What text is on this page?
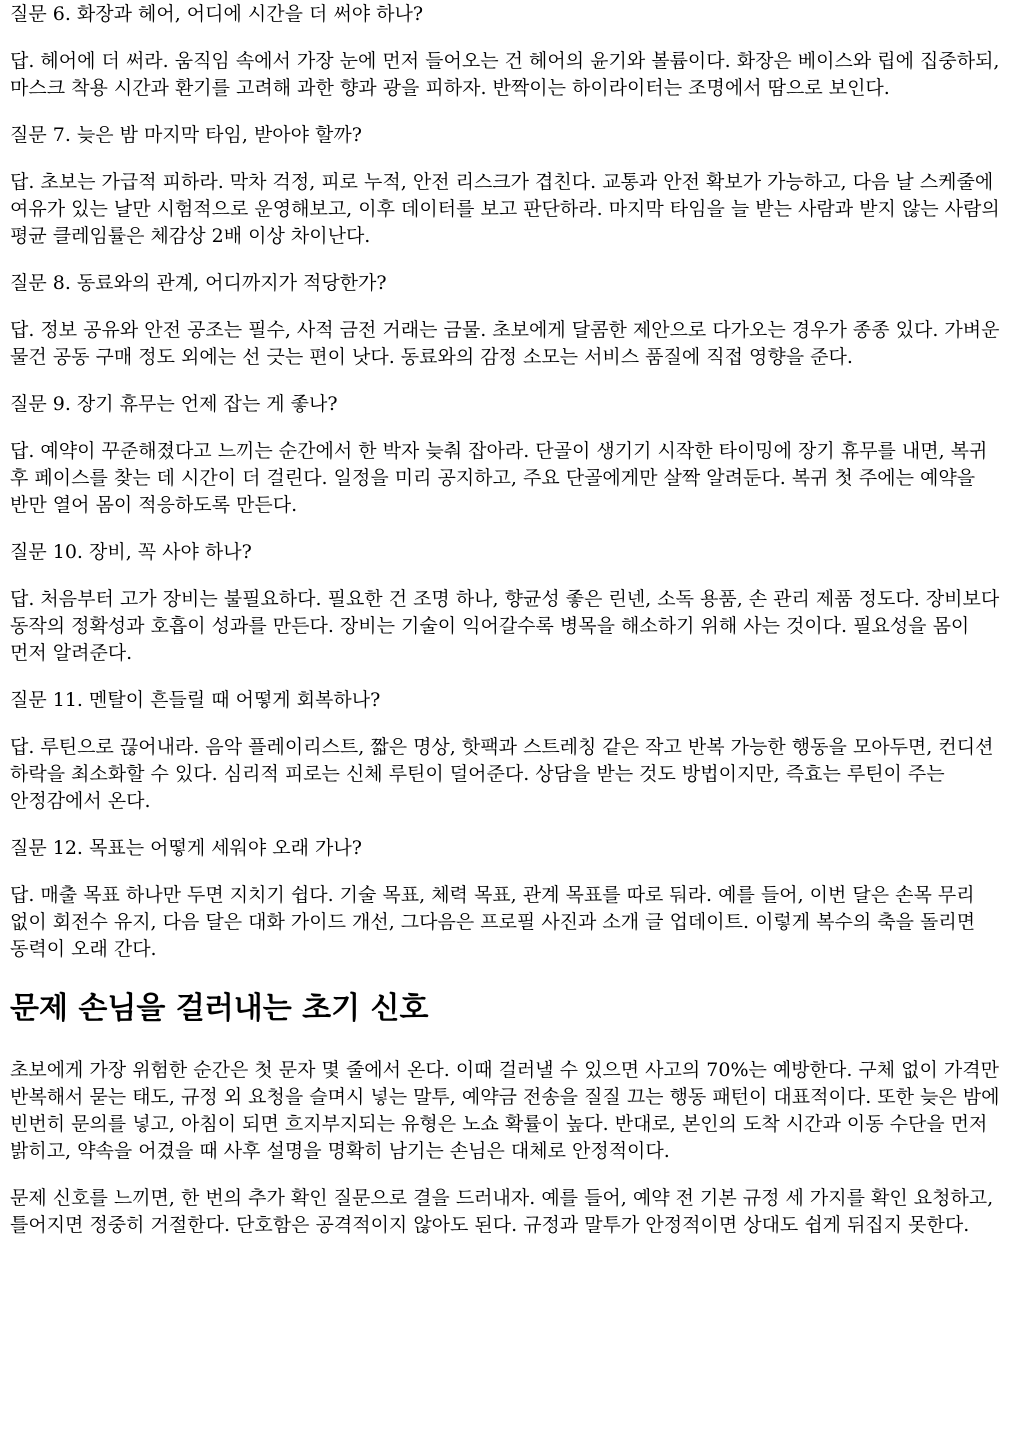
질문 6. 화장과 헤어, 어디에 시간을 더 써야 하나?

답. 헤어에 더 써라. 움직임 속에서 가장 눈에 먼저 들어오는 건 헤어의 윤기와 볼륨이다. 화장은 베이스와 립에 집중하되, 마스크 착용 시간과 환기를 고려해 과한 향과 광을 피하자. 반짝이는 하이라이터는 조명에서 땀으로 보인다.

질문 7. 늦은 밤 마지막 타임, 받아야 할까?

답. 초보는 가급적 피하라. 막차 걱정, 피로 누적, 안전 리스크가 겹친다. 교통과 안전 확보가 가능하고, 다음 날 스케줄에 여유가 있는 날만 시험적으로 운영해보고, 이후 데이터를 보고 판단하라. 마지막 타임을 늘 받는 사람과 받지 않는 사람의 평균 클레임률은 체감상 2배 이상 차이난다.

질문 8. 동료와의 관계, 어디까지가 적당한가?

답. 정보 공유와 안전 공조는 필수, 사적 금전 거래는 금물. 초보에게 달콤한 제안으로 다가오는 경우가 종종 있다. 가벼운 물건 공동 구매 정도 외에는 선 긋는 편이 낫다. 동료와의 감정 소모는 서비스 품질에 직접 영향을 준다.

질문 9. 장기 휴무는 언제 잡는 게 좋나?

답. 예약이 꾸준해졌다고 느끼는 순간에서 한 박자 늦춰 잡아라. 단골이 생기기 시작한 타이밍에 장기 휴무를 내면, 복귀 후 페이스를 찾는 데 시간이 더 걸린다. 일정을 미리 공지하고, 주요 단골에게만 살짝 알려둔다. 복귀 첫 주에는 예약을 반만 열어 몸이 적응하도록 만든다.

질문 10. 장비, 꼭 사야 하나?

답. 처음부터 고가 장비는 불필요하다. 필요한 건 조명 하나, 향균성 좋은 린넨, 소독 용품, 손 관리 제품 정도다. 장비보다 동작의 정확성과 호흡이 성과를 만든다. 장비는 기술이 익어갈수록 병목을 해소하기 위해 사는 것이다. 필요성을 몸이 먼저 알려준다.

질문 11. 멘탈이 흔들릴 때 어떻게 회복하나?

답. 루틴으로 끊어내라. 음악 플레이리스트, 짧은 명상, 핫팩과 스트레칭 같은 작고 반복 가능한 행동을 모아두면, 컨디션 하락을 최소화할 수 있다. 심리적 피로는 신체 루틴이 덜어준다. 상담을 받는 것도 방법이지만, 즉효는 루틴이 주는 안정감에서 온다.

질문 12. 목표는 어떻게 세워야 오래 가나?

답. 매출 목표 하나만 두면 지치기 쉽다. 기술 목표, 체력 목표, 관계 목표를 따로 둬라. 예를 들어, 이번 달은 손목 무리 없이 회전수 유지, 다음 달은 대화 가이드 개선, 그다음은 프로필 사진과 소개 글 업데이트. 이렇게 복수의 축을 돌리면 동력이 오래 간다.

문제 손님을 걸러내는 초기 신호

초보에게 가장 위험한 순간은 첫 문자 몇 줄에서 온다. 이때 걸러낼 수 있으면 사고의 70%는 예방한다. 구체 없이 가격만 반복해서 묻는 태도, 규정 외 요청을 슬며시 넣는 말투, 예약금 전송을 질질 끄는 행동 패턴이 대표적이다. 또한 늦은 밤에 빈번히 문의를 넣고, 아침이 되면 흐지부지되는 유형은 노쇼 확률이 높다. 반대로, 본인의 도착 시간과 이동 수단을 먼저 밝히고, 약속을 어겼을 때 사후 설명을 명확히 남기는 손님은 대체로 안정적이다.

문제 신호를 느끼면, 한 번의 추가 확인 질문으로 결을 드러내자. 예를 들어, 예약 전 기본 규정 세 가지를 확인 요청하고, 틀어지면 정중히 거절한다. 단호함은 공격적이지 않아도 된다. 규정과 말투가 안정적이면 상대도 쉽게 뒤집지 못한다.
